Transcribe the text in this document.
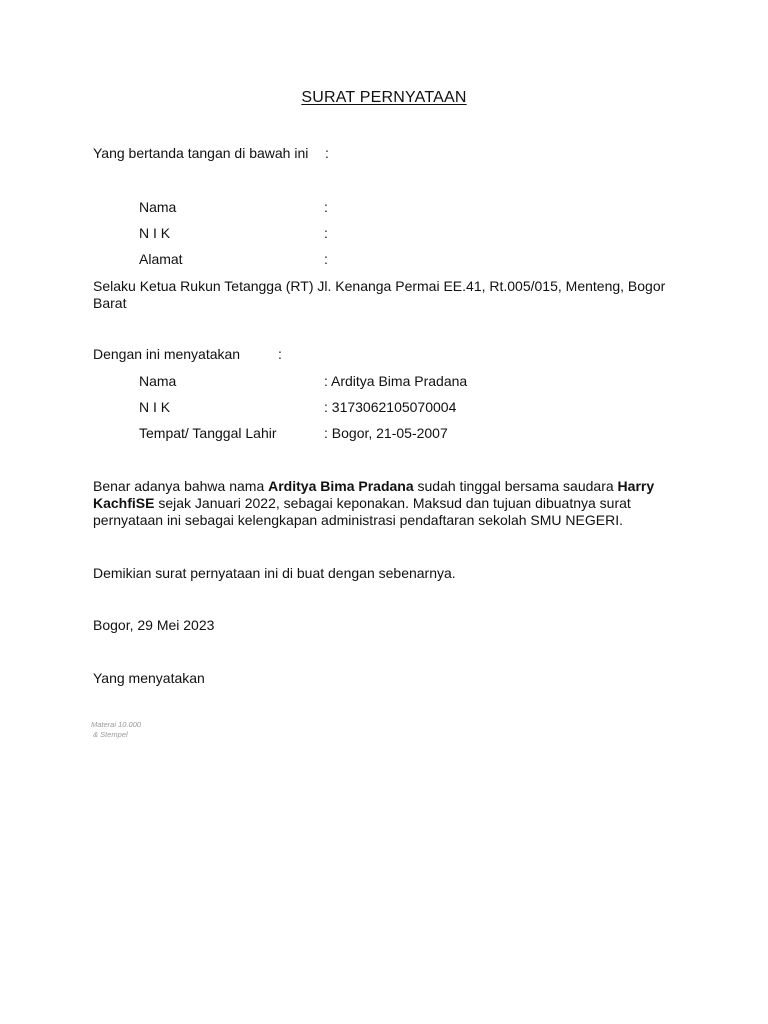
SURAT PERNYATAAN
Yang bertanda tangan di bawah ini :
Nama	:
N I K	:
Alamat	:
Selaku Ketua Rukun Tetangga (RT) Jl. Kenanga Permai EE.41, Rt.005/015, Menteng, Bogor Barat
Dengan ini menyatakan	:
Nama	: Arditya Bima Pradana
N I K	: 3173062105070004
Tempat/ Tanggal Lahir	: Bogor, 21-05-2007
Benar adanya bahwa nama Arditya Bima Pradana sudah tinggal bersama saudara Harry KachfiSE sejak Januari 2022, sebagai keponakan. Maksud dan tujuan dibuatnya surat pernyataan ini sebagai kelengkapan administrasi pendaftaran sekolah SMU NEGERI.
Demikian surat pernyataan ini di buat dengan sebenarnya.
Bogor, 29 Mei 2023
Yang menyatakan
Materai 10.000
& Stempel
